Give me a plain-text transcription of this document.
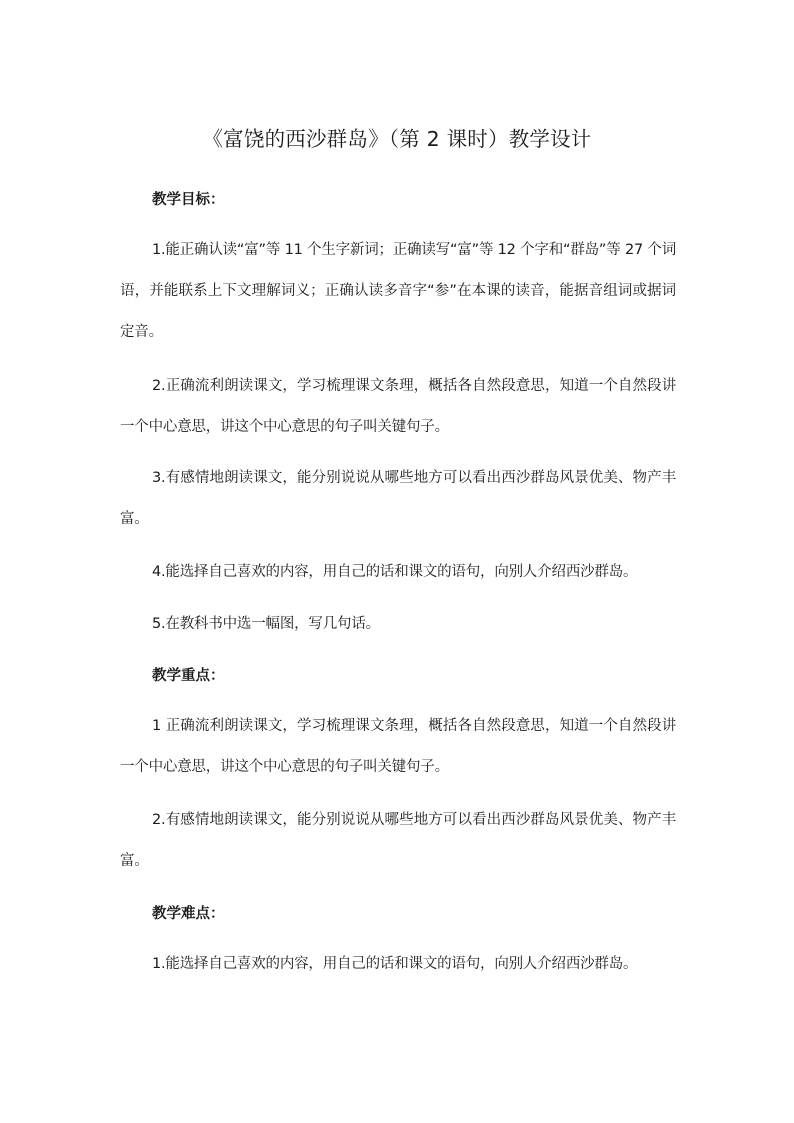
《富饶的西沙群岛》（第 2 课时）教学设计
教学目标：
1.能正确认读“富”等 11 个生字新词；正确读写“富”等 12 个字和“群岛”等 27 个词语，并能联系上下文理解词义；正确认读多音字“参”在本课的读音，能据音组词或据词定音。
2.正确流利朗读课文，学习梳理课文条理，概括各自然段意思，知道一个自然段讲一个中心意思，讲这个中心意思的句子叫关键句子。
3.有感情地朗读课文，能分别说说从哪些地方可以看出西沙群岛风景优美、物产丰富。
4.能选择自己喜欢的内容，用自己的话和课文的语句，向别人介绍西沙群岛。
5.在教科书中选一幅图，写几句话。
教学重点：
1 正确流利朗读课文，学习梳理课文条理，概括各自然段意思，知道一个自然段讲一个中心意思，讲这个中心意思的句子叫关键句子。
2.有感情地朗读课文，能分别说说从哪些地方可以看出西沙群岛风景优美、物产丰富。
教学难点：
1.能选择自己喜欢的内容，用自己的话和课文的语句，向别人介绍西沙群岛。
